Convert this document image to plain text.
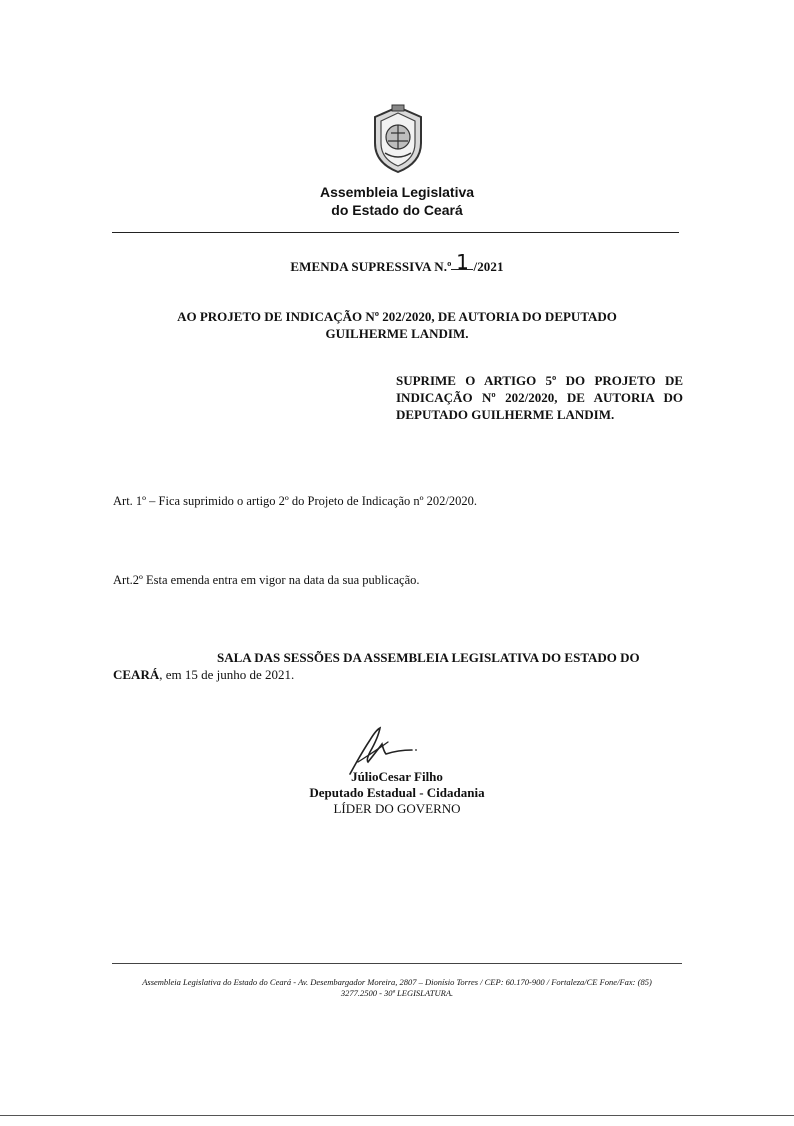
Assembleia Legislativa
do Estado do Ceará
EMENDA SUPRESSIVA N.º 1 /2021
AO PROJETO DE INDICAÇÃO Nº 202/2020, DE AUTORIA DO DEPUTADO
GUILHERME LANDIM.
SUPRIME O ARTIGO 5º DO PROJETO DE
INDICAÇÃO Nº 202/2020, DE AUTORIA DO
DEPUTADO GUILHERME LANDIM.
Art. 1º – Fica suprimido o artigo 2º do Projeto de Indicação nº 202/2020.
Art.2º Esta emenda entra em vigor na data da sua publicação.
SALA DAS SESSÕES DA ASSEMBLEIA LEGISLATIVA DO ESTADO DO
CEARÁ, em 15 de junho de 2021.
JúlioCesar Filho
Deputado Estadual - Cidadania
LÍDER DO GOVERNO
Assembleia Legislativa do Estado do Ceará - Av. Desembargador Moreira, 2807 – Dionísio Torres / CEP: 60.170-900 / Fortaleza/CE Fone/Fax: (85)
3277.2500 - 30ª LEGISLATURA.
